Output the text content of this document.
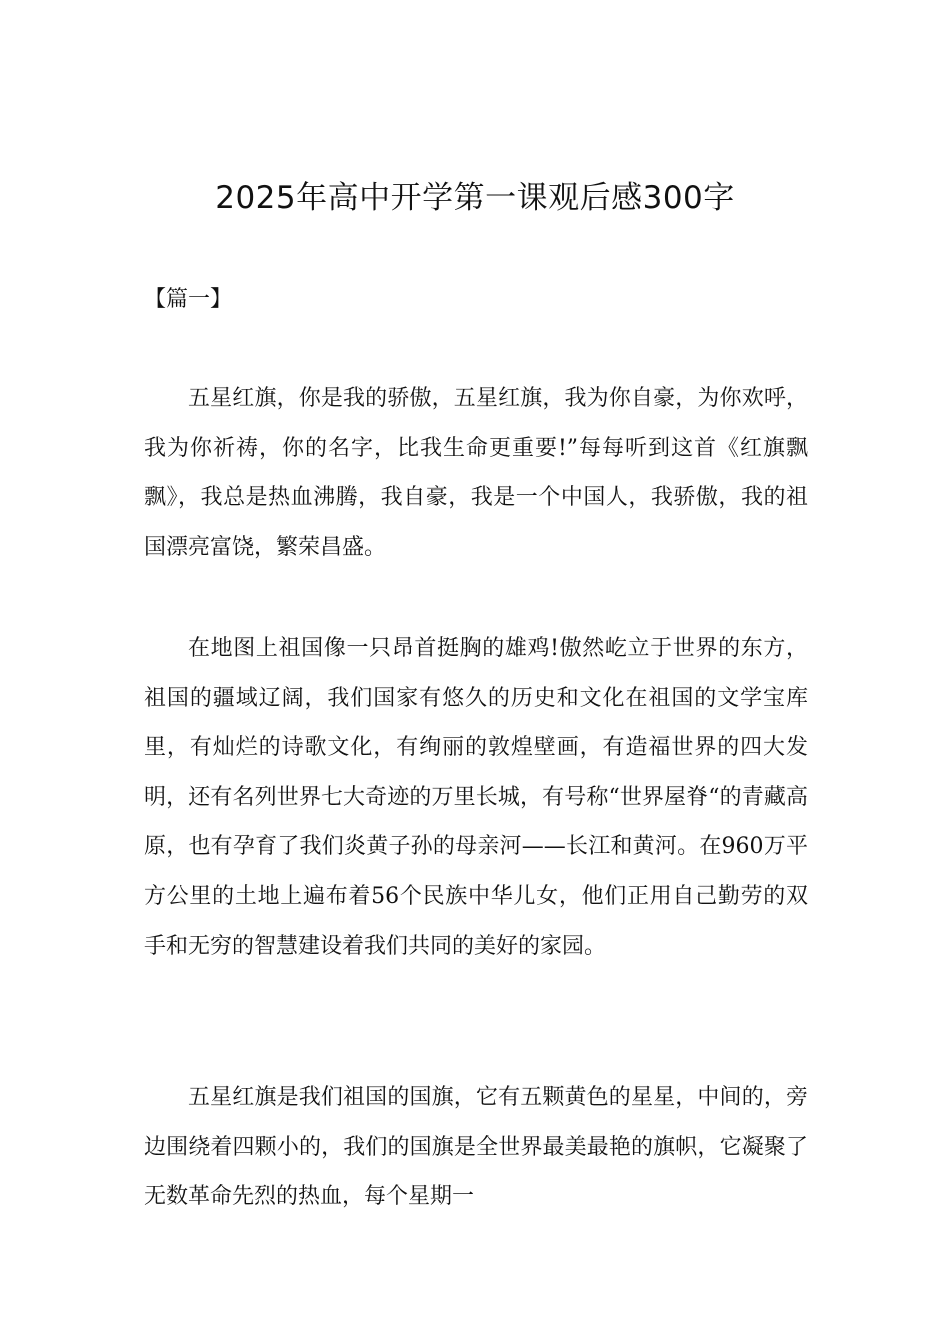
2025年高中开学第一课观后感300字
【篇一】

五星红旗，你是我的骄傲，五星红旗，我为你自豪，为你欢呼，我为你祈祷，你的名字，比我生命更重要!”每每听到这首《红旗飘飘》，我总是热血沸腾，我自豪，我是一个中国人，我骄傲，我的祖国漂亮富饶，繁荣昌盛。

在地图上祖国像一只昂首挺胸的雄鸡!傲然屹立于世界的东方，祖国的疆域辽阔，我们国家有悠久的历史和文化在祖国的文学宝库里，有灿烂的诗歌文化，有绚丽的敦煌壁画，有造福世界的四大发明，还有名列世界七大奇迹的万里长城，有号称“世界屋脊“的青藏高原，也有孕育了我们炎黄子孙的母亲河——长江和黄河。在960万平方公里的土地上遍布着56个民族中华儿女，他们正用自己勤劳的双手和无穷的智慧建设着我们共同的美好的家园。

五星红旗是我们祖国的国旗，它有五颗黄色的星星，中间的，旁边围绕着四颗小的，我们的国旗是全世界最美最艳的旗帜，它凝聚了无数革命先烈的热血，每个星期一
